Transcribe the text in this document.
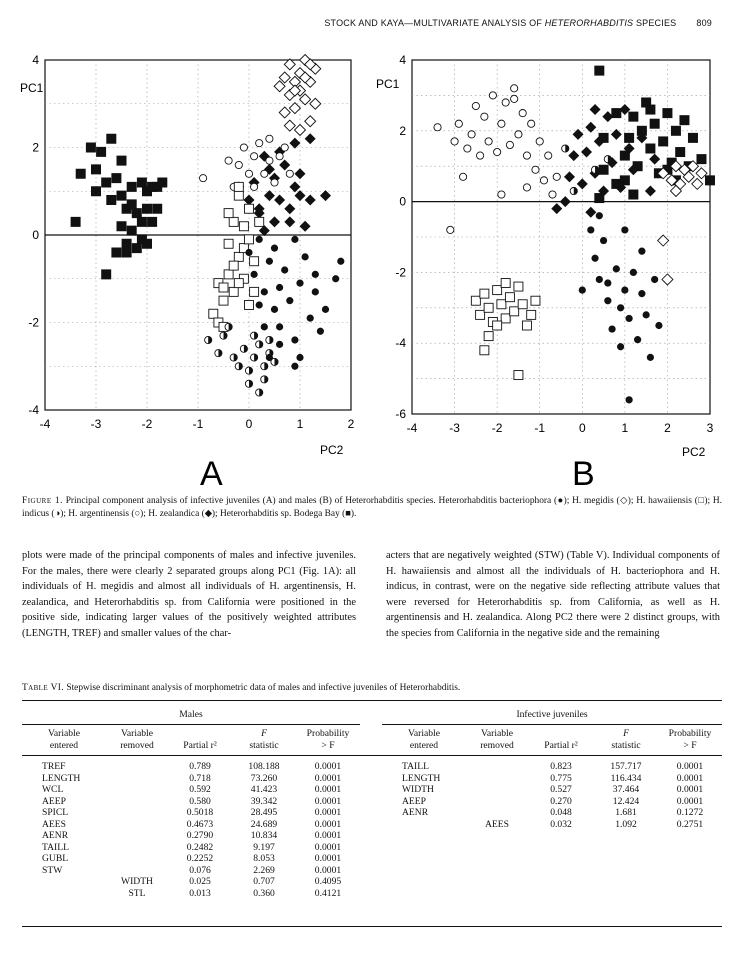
STOCK AND KAYA—MULTIVARIATE ANALYSIS OF HETERORHABDITIS SPECIES 809
-4	-3	-2	-1	0	1	2
4
2
0
-2
-4
PC1
PC2
A
-4	-3	-2	-1	0	1	2	3
4
2
0
-2
-4
-6
PC1
PC2
B
Figure 1. Principal component analysis of infective juveniles (A) and males (B) of Heterorhabditis species. Heterorhabditis bacteriophora (●); H. megidis (◇); H. hawaiiensis (□); H. indicus (◑); H. argentinensis (○); H. zealandica (◆); Heterorhabditis sp. Bodega Bay (■).
plots were made of the principal components of males and infective juveniles. For the males, there were clearly 2 separated groups along PC1 (Fig. 1A): all individuals of H. megidis and almost all individuals of H. argentinensis, H. zealandica, and Heterorhabditis sp. from California were positioned in the positive side, indicating larger values of the positively weighted attributes (LENGTH, TREF) and smaller values of the char-
acters that are negatively weighted (STW) (Table V). Individual components of H. hawaiiensis and almost all the individuals of H. bacteriophora and H. indicus, in contrast, were on the negative side reflecting attribute values that were reversed for Heterorhabditis sp. from California, as well as H. argentinensis and H. zealandica. Along PC2 there were 2 distinct groups, with the species from California in the negative side and the remaining
Table VI. Stepwise discriminant analysis of morphometric data of males and infective juveniles of Heterorhabditis.
Males	Infective juveniles
Variable	Variable		F	Probability
entered	removed	Partial r²	statistic	> F

TREF		0.789	108.188	0.0001
LENGTH		0.718	73.260	0.0001
WCL		0.592	41.423	0.0001
AEEP		0.580	39.342	0.0001
SPICL		0.5018	28.495	0.0001
AEES		0.4673	24.689	0.0001
AENR		0.2790	10.834	0.0001
TAILL		0.2482	9.197	0.0001
GUBL		0.2252	8.053	0.0001
STW		0.076	2.269	0.0001
	WIDTH	0.025	0.707	0.4095
	STL	0.013	0.360	0.4121
Variable	Variable		F	Probability
entered	removed	Partial r²	statistic	> F

TAILL		0.823	157.717	0.0001
LENGTH		0.775	116.434	0.0001
WIDTH		0.527	37.464	0.0001
AEEP		0.270	12.424	0.0001
AENR		0.048	1.681	0.1272
	AEES	0.032	1.092	0.2751
